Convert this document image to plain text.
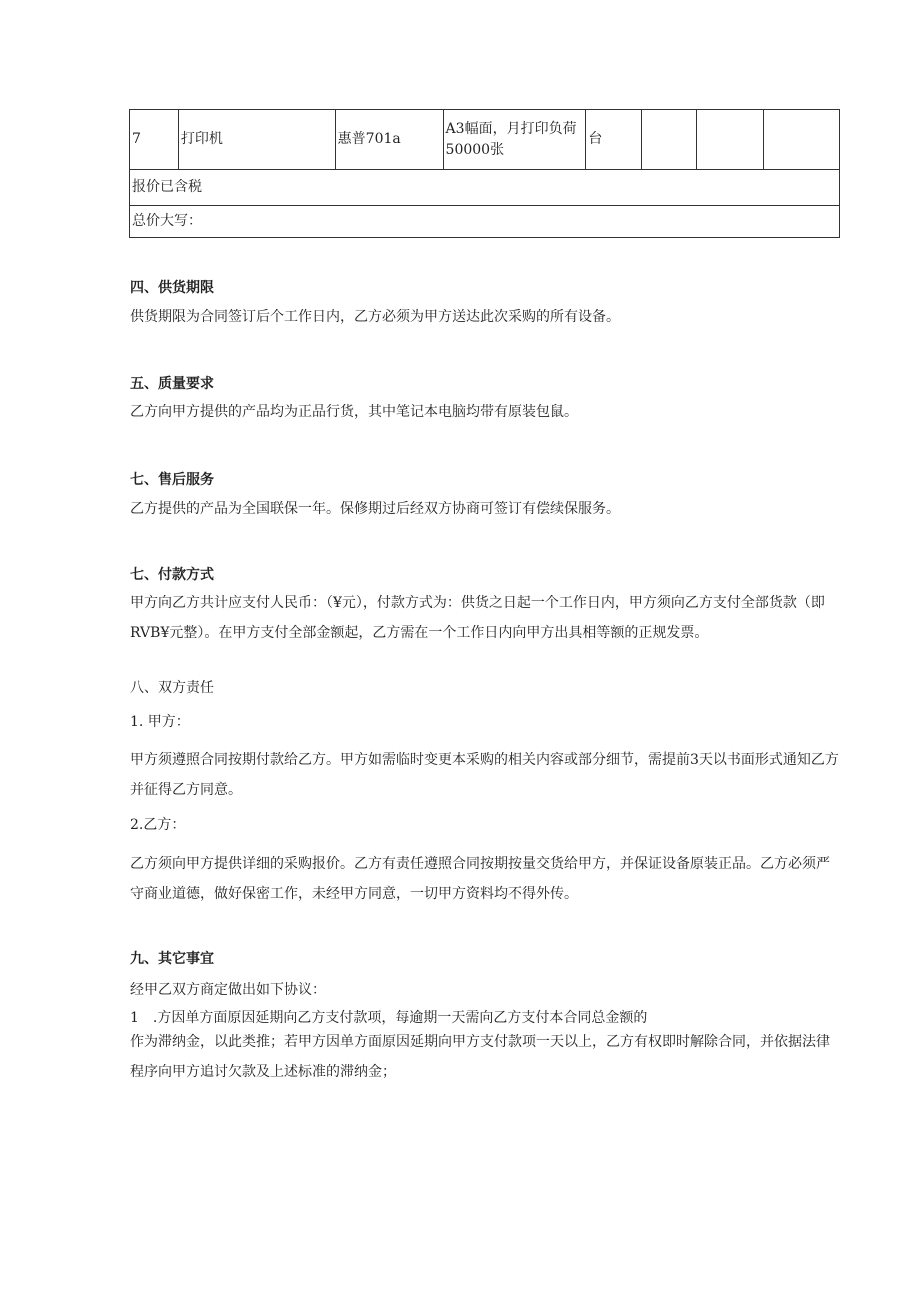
7	打印机	惠普701a	A3幅面，月打印负荷50000张	台			
报价已含税
总价大写：
四、供货期限
供货期限为合同签订后个工作日内，乙方必须为甲方送达此次采购的所有设备。
五、质量要求
乙方向甲方提供的产品均为正品行货，其中笔记本电脑均带有原装包鼠。
七、售后服务
乙方提供的产品为全国联保一年。保修期过后经双方协商可签订有偿续保服务。
七、付款方式
甲方向乙方共计应支付人民币：（¥元），付款方式为：供货之日起一个工作日内，甲方须向乙方支付全部货款（即RVB¥元整）。在甲方支付全部金额起，乙方需在一个工作日内向甲方出具相等额的正规发票。
八、双方责任
1. 甲方：
甲方须遵照合同按期付款给乙方。甲方如需临时变更本采购的相关内容或部分细节，需提前3天以书面形式通知乙方并征得乙方同意。
2.乙方：
乙方须向甲方提供详细的采购报价。乙方有责任遵照合同按期按量交货给甲方，并保证设备原装正品。乙方必须严守商业道德，做好保密工作，未经甲方同意，一切甲方资料均不得外传。
九、其它事宜
经甲乙双方商定做出如下协议：
1　.方因单方面原因延期向乙方支付款项，每逾期一天需向乙方支付本合同总金额的
作为滞纳金，以此类推；若甲方因单方面原因延期向甲方支付款项一天以上，乙方有权即时解除合同，并依据法律程序向甲方追讨欠款及上述标准的滞纳金；
